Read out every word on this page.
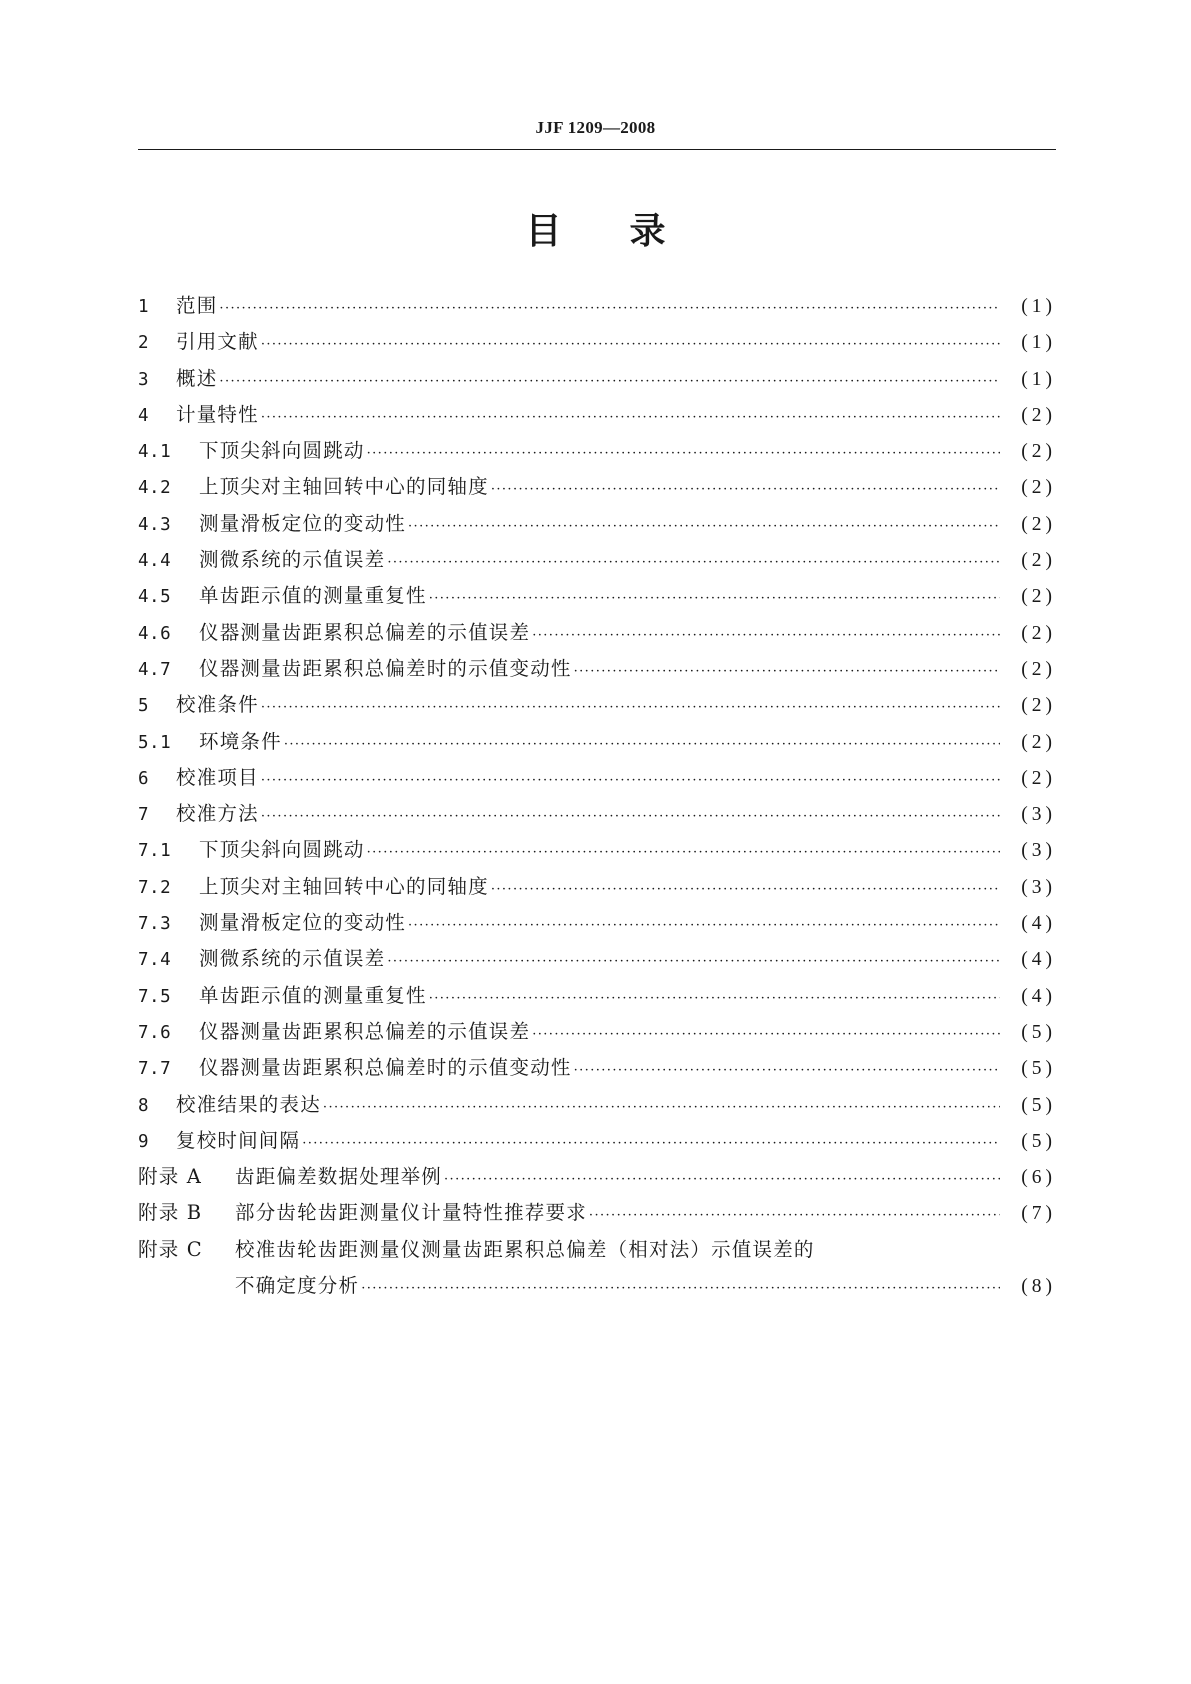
JJF 1209—2008
目 录
1	范围 ·····	(1)
2	引用文献 ·····	(1)
3	概述 ·····	(1)
4	计量特性 ·····	(2)
4.1	下顶尖斜向圆跳动 ·····	(2)
4.2	上顶尖对主轴回转中心的同轴度 ·····	(2)
4.3	测量滑板定位的变动性 ·····	(2)
4.4	测微系统的示值误差 ·····	(2)
4.5	单齿距示值的测量重复性 ·····	(2)
4.6	仪器测量齿距累积总偏差的示值误差 ·····	(2)
4.7	仪器测量齿距累积总偏差时的示值变动性 ·····	(2)
5	校准条件 ·····	(2)
5.1	环境条件 ·····	(2)
6	校准项目 ·····	(2)
7	校准方法 ·····	(3)
7.1	下顶尖斜向圆跳动 ·····	(3)
7.2	上顶尖对主轴回转中心的同轴度 ·····	(3)
7.3	测量滑板定位的变动性 ·····	(4)
7.4	测微系统的示值误差 ·····	(4)
7.5	单齿距示值的测量重复性 ·····	(4)
7.6	仪器测量齿距累积总偏差的示值误差 ·····	(5)
7.7	仪器测量齿距累积总偏差时的示值变动性 ·····	(5)
8	校准结果的表达 ·····	(5)
9	复校时间间隔 ·····	(5)
附录 A	齿距偏差数据处理举例 ·····	(6)
附录 B	部分齿轮齿距测量仪计量特性推荐要求 ·····	(7)
附录 C	校准齿轮齿距测量仪测量齿距累积总偏差（相对法）示值误差的
不确定度分析 ·····	(8)
